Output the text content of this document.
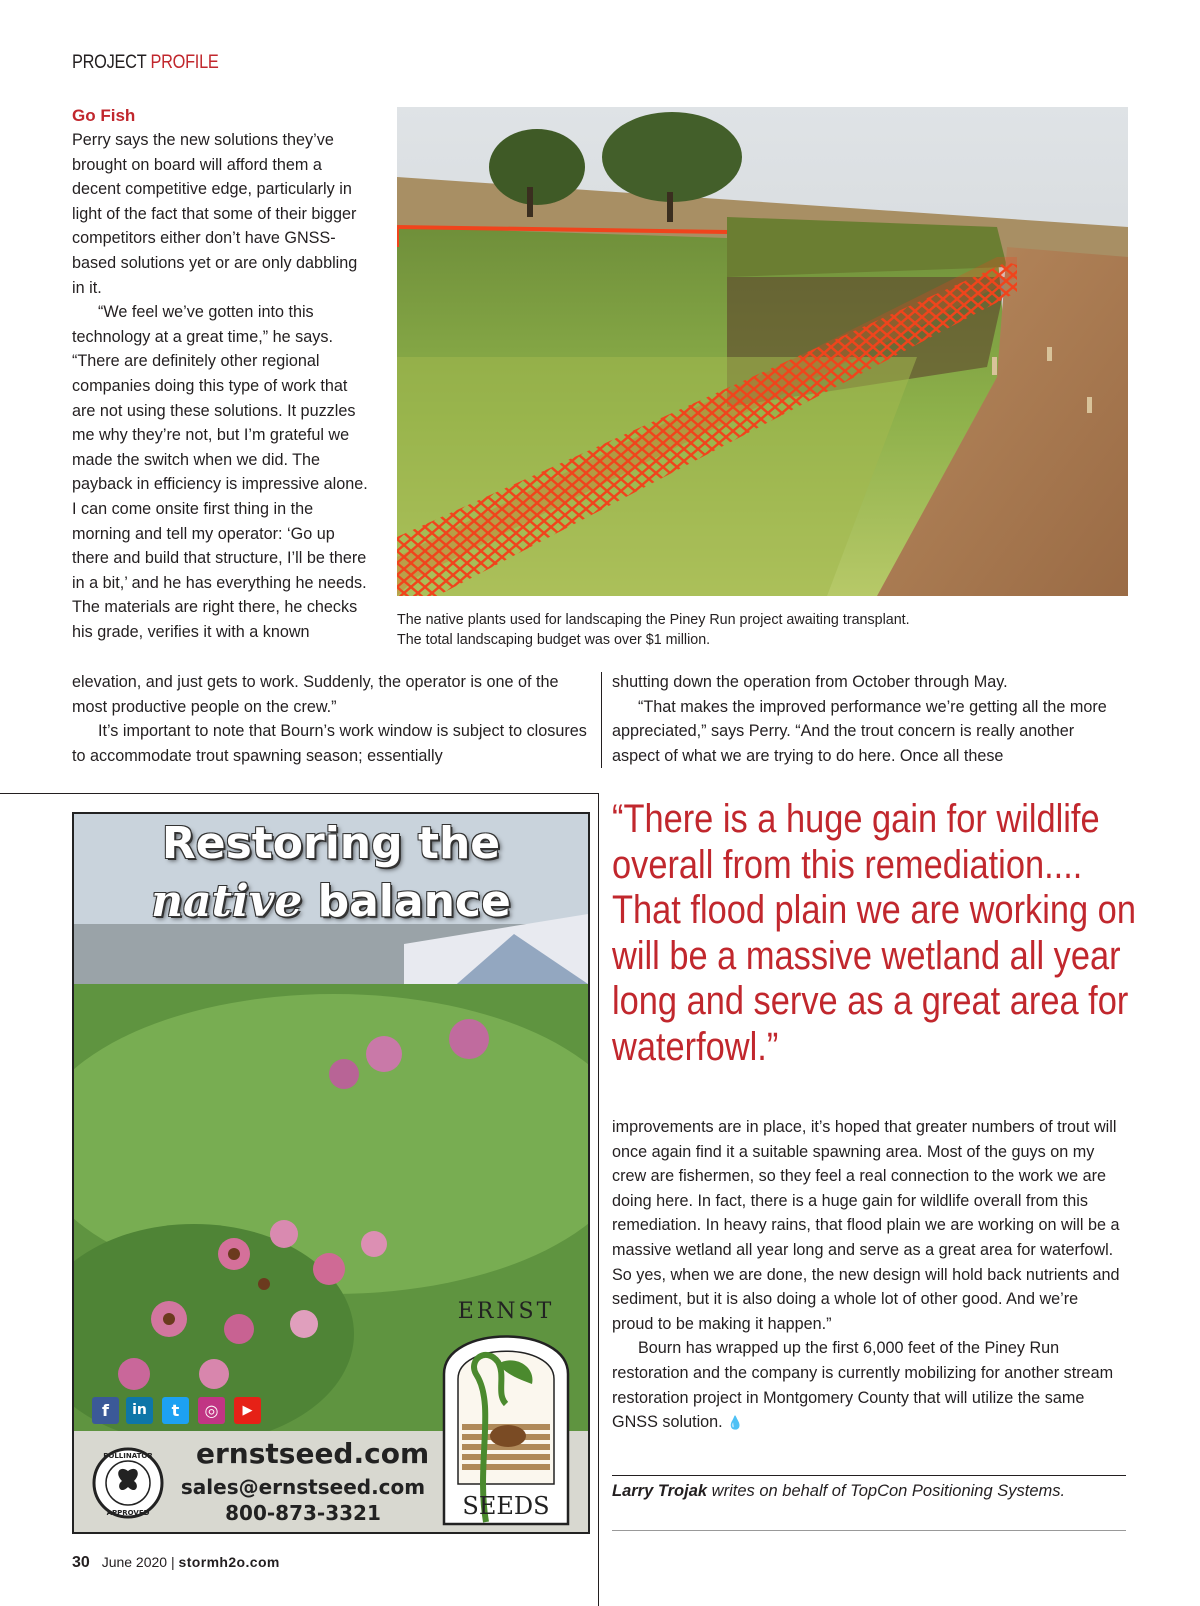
PROJECT PROFILE
Go Fish

Perry says the new solutions they’ve brought on board will afford them a decent competitive edge, particularly in light of the fact that some of their bigger competitors either don’t have GNSS-based solutions yet or are only dabbling in it.

“We feel we’ve gotten into this technology at a great time,” he says. “There are definitely other regional companies doing this type of work that are not using these solutions. It puzzles me why they’re not, but I’m grateful we made the switch when we did. The payback in efficiency is impressive alone. I can come onsite first thing in the morning and tell my operator: ‘Go up there and build that structure, I’ll be there in a bit,’ and he has everything he needs. The materials are right there, he checks his grade, verifies it with a known

elevation, and just gets to work. Suddenly, the operator is one of the most productive people on the crew.”

It’s important to note that Bourn’s work window is subject to closures to accommodate trout spawning season; essentially

shutting down the operation from October through May.

“That makes the improved performance we’re getting all the more appreciated,” says Perry. “And the trout concern is really another aspect of what we are trying to do here. Once all these

The native plants used for landscaping the Piney Run project awaiting transplant.
The total landscaping budget was over $1 million.
Restoring the
native balance
f	in	t	◎	▶
POLLINATOR
APPROVED
ernstseed.com
sales@ernstseed.com
800-873-3321
ERNST
SEEDS
“There is a huge gain for wildlife overall from this remediation.... That flood plain we are working on will be a massive wetland all year long and serve as a great area for waterfowl.”

improvements are in place, it’s hoped that greater numbers of trout will once again find it a suitable spawning area. Most of the guys on my crew are fishermen, so they feel a real connection to the work we are doing here. In fact, there is a huge gain for wildlife overall from this remediation. In heavy rains, that flood plain we are working on will be a massive wetland all year long and serve as a great area for waterfowl. So yes, when we are done, the new design will hold back nutrients and sediment, but it is also doing a whole lot of other good. And we’re proud to be making it happen.”

Bourn has wrapped up the first 6,000 feet of the Piney Run restoration and the company is currently mobilizing for another stream restoration project in Montgomery County that will utilize the same GNSS solution. 💧

Larry Trojak writes on behalf of TopCon Positioning Systems.
30 June 2020 | stormh2o.com
